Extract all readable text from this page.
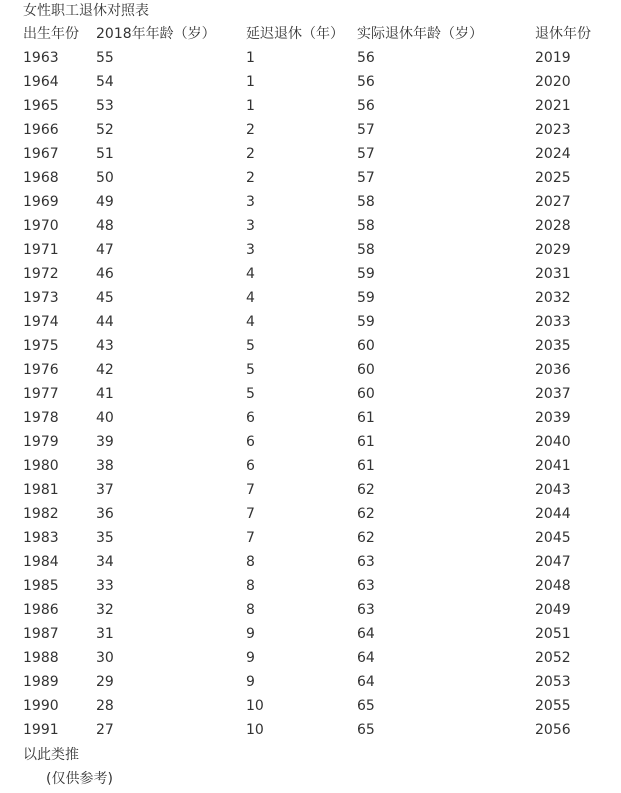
女性职工退休对照表
出生年份	2018年年龄（岁）	延迟退休（年）	实际退休年龄（岁）	退休年份
1963	55	1	56	2019
1964	54	1	56	2020
1965	53	1	56	2021
1966	52	2	57	2023
1967	51	2	57	2024
1968	50	2	57	2025
1969	49	3	58	2027
1970	48	3	58	2028
1971	47	3	58	2029
1972	46	4	59	2031
1973	45	4	59	2032
1974	44	4	59	2033
1975	43	5	60	2035
1976	42	5	60	2036
1977	41	5	60	2037
1978	40	6	61	2039
1979	39	6	61	2040
1980	38	6	61	2041
1981	37	7	62	2043
1982	36	7	62	2044
1983	35	7	62	2045
1984	34	8	63	2047
1985	33	8	63	2048
1986	32	8	63	2049
1987	31	9	64	2051
1988	30	9	64	2052
1989	29	9	64	2053
1990	28	10	65	2055
1991	27	10	65	2056
以此类推
(仅供参考)
